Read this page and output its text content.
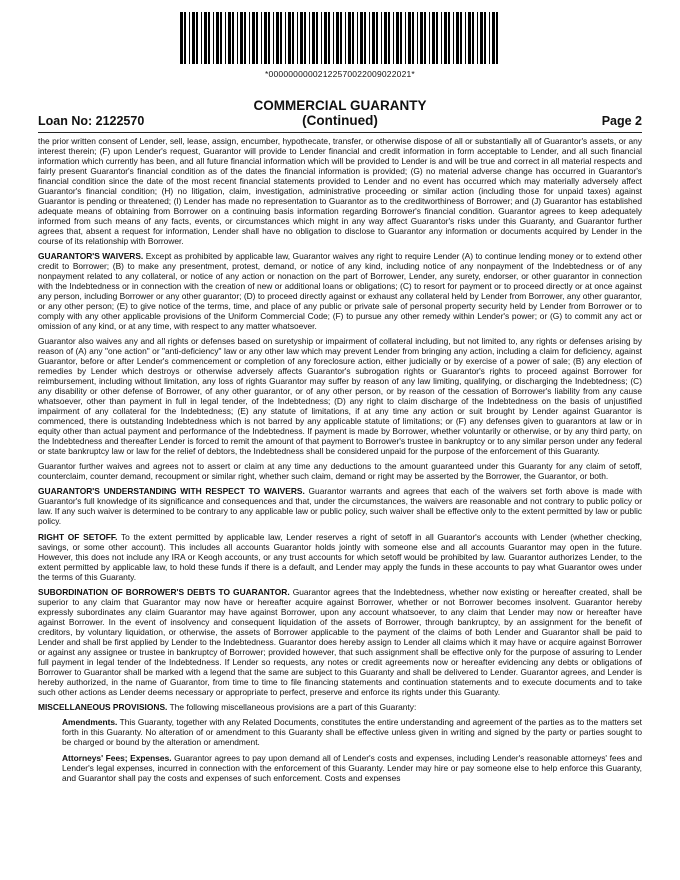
*00000000002122570022009022021*
Loan No: 2122570
COMMERCIAL GUARANTY
(Continued)	Page 2

the prior written consent of Lender, sell, lease, assign, encumber, hypothecate, transfer, or otherwise dispose of all or substantially all of Guarantor's assets, or any interest therein; (F) upon Lender's request, Guarantor will provide to Lender financial and credit information in form acceptable to Lender, and all such financial information which currently has been, and all future financial information which will be provided to Lender is and will be true and correct in all material respects and fairly present Guarantor's financial condition as of the dates the financial information is provided; (G) no material adverse change has occurred in Guarantor's financial condition since the date of the most recent financial statements provided to Lender and no event has occurred which may materially adversely affect Guarantor's financial condition; (H) no litigation, claim, investigation, administrative proceeding or similar action (including those for unpaid taxes) against Guarantor is pending or threatened; (I) Lender has made no representation to Guarantor as to the creditworthiness of Borrower; and (J) Guarantor has established adequate means of obtaining from Borrower on a continuing basis information regarding Borrower's financial condition. Guarantor agrees to keep adequately informed from such means of any facts, events, or circumstances which might in any way affect Guarantor's risks under this Guaranty, and Guarantor further agrees that, absent a request for information, Lender shall have no obligation to disclose to Guarantor any information or documents acquired by Lender in the course of its relationship with Borrower.

GUARANTOR'S WAIVERS. Except as prohibited by applicable law, Guarantor waives any right to require Lender (A) to continue lending money or to extend other credit to Borrower; (B) to make any presentment, protest, demand, or notice of any kind, including notice of any nonpayment of the Indebtedness or of any nonpayment related to any collateral, or notice of any action or nonaction on the part of Borrower, Lender, any surety, endorser, or other guarantor in connection with the Indebtedness or in connection with the creation of new or additional loans or obligations; (C) to resort for payment or to proceed directly or at once against any person, including Borrower or any other guarantor; (D) to proceed directly against or exhaust any collateral held by Lender from Borrower, any other guarantor, or any other person; (E) to give notice of the terms, time, and place of any public or private sale of personal property security held by Lender from Borrower or to comply with any other applicable provisions of the Uniform Commercial Code; (F) to pursue any other remedy within Lender's power; or (G) to commit any act or omission of any kind, or at any time, with respect to any matter whatsoever.

Guarantor also waives any and all rights or defenses based on suretyship or impairment of collateral including, but not limited to, any rights or defenses arising by reason of (A) any "one action" or "anti-deficiency" law or any other law which may prevent Lender from bringing any action, including a claim for deficiency, against Guarantor, before or after Lender's commencement or completion of any foreclosure action, either judicially or by exercise of a power of sale; (B) any election of remedies by Lender which destroys or otherwise adversely affects Guarantor's subrogation rights or Guarantor's rights to proceed against Borrower for reimbursement, including without limitation, any loss of rights Guarantor may suffer by reason of any law limiting, qualifying, or discharging the Indebtedness; (C) any disability or other defense of Borrower, of any other guarantor, or of any other person, or by reason of the cessation of Borrower's liability from any cause whatsoever, other than payment in full in legal tender, of the Indebtedness; (D) any right to claim discharge of the Indebtedness on the basis of unjustified impairment of any collateral for the Indebtedness; (E) any statute of limitations, if at any time any action or suit brought by Lender against Guarantor is commenced, there is outstanding Indebtedness which is not barred by any applicable statute of limitations; or (F) any defenses given to guarantors at law or in equity other than actual payment and performance of the Indebtedness. If payment is made by Borrower, whether voluntarily or otherwise, or by any third party, on the Indebtedness and thereafter Lender is forced to remit the amount of that payment to Borrower's trustee in bankruptcy or to any similar person under any federal or state bankruptcy law or law for the relief of debtors, the Indebtedness shall be considered unpaid for the purpose of the enforcement of this Guaranty.

Guarantor further waives and agrees not to assert or claim at any time any deductions to the amount guaranteed under this Guaranty for any claim of setoff, counterclaim, counter demand, recoupment or similar right, whether such claim, demand or right may be asserted by the Borrower, the Guarantor, or both.

GUARANTOR'S UNDERSTANDING WITH RESPECT TO WAIVERS. Guarantor warrants and agrees that each of the waivers set forth above is made with Guarantor's full knowledge of its significance and consequences and that, under the circumstances, the waivers are reasonable and not contrary to public policy or law. If any such waiver is determined to be contrary to any applicable law or public policy, such waiver shall be effective only to the extent permitted by law or public policy.

RIGHT OF SETOFF. To the extent permitted by applicable law, Lender reserves a right of setoff in all Guarantor's accounts with Lender (whether checking, savings, or some other account). This includes all accounts Guarantor holds jointly with someone else and all accounts Guarantor may open in the future. However, this does not include any IRA or Keogh accounts, or any trust accounts for which setoff would be prohibited by law. Guarantor authorizes Lender, to the extent permitted by applicable law, to hold these funds if there is a default, and Lender may apply the funds in these accounts to pay what Guarantor owes under the terms of this Guaranty.

SUBORDINATION OF BORROWER'S DEBTS TO GUARANTOR. Guarantor agrees that the Indebtedness, whether now existing or hereafter created, shall be superior to any claim that Guarantor may now have or hereafter acquire against Borrower, whether or not Borrower becomes insolvent. Guarantor hereby expressly subordinates any claim Guarantor may have against Borrower, upon any account whatsoever, to any claim that Lender may now or hereafter have against Borrower. In the event of insolvency and consequent liquidation of the assets of Borrower, through bankruptcy, by an assignment for the benefit of creditors, by voluntary liquidation, or otherwise, the assets of Borrower applicable to the payment of the claims of both Lender and Guarantor shall be paid to Lender and shall be first applied by Lender to the Indebtedness. Guarantor does hereby assign to Lender all claims which it may have or acquire against Borrower or against any assignee or trustee in bankruptcy of Borrower; provided however, that such assignment shall be effective only for the purpose of assuring to Lender full payment in legal tender of the Indebtedness. If Lender so requests, any notes or credit agreements now or hereafter evidencing any debts or obligations of Borrower to Guarantor shall be marked with a legend that the same are subject to this Guaranty and shall be delivered to Lender. Guarantor agrees, and Lender is hereby authorized, in the name of Guarantor, from time to time to file financing statements and continuation statements and to execute documents and to take such other actions as Lender deems necessary or appropriate to perfect, preserve and enforce its rights under this Guaranty.

MISCELLANEOUS PROVISIONS. The following miscellaneous provisions are a part of this Guaranty:

Amendments. This Guaranty, together with any Related Documents, constitutes the entire understanding and agreement of the parties as to the matters set forth in this Guaranty. No alteration of or amendment to this Guaranty shall be effective unless given in writing and signed by the party or parties sought to be charged or bound by the alteration or amendment.

Attorneys' Fees; Expenses. Guarantor agrees to pay upon demand all of Lender's costs and expenses, including Lender's reasonable attorneys' fees and Lender's legal expenses, incurred in connection with the enforcement of this Guaranty. Lender may hire or pay someone else to help enforce this Guaranty, and Guarantor shall pay the costs and expenses of such enforcement. Costs and expenses
